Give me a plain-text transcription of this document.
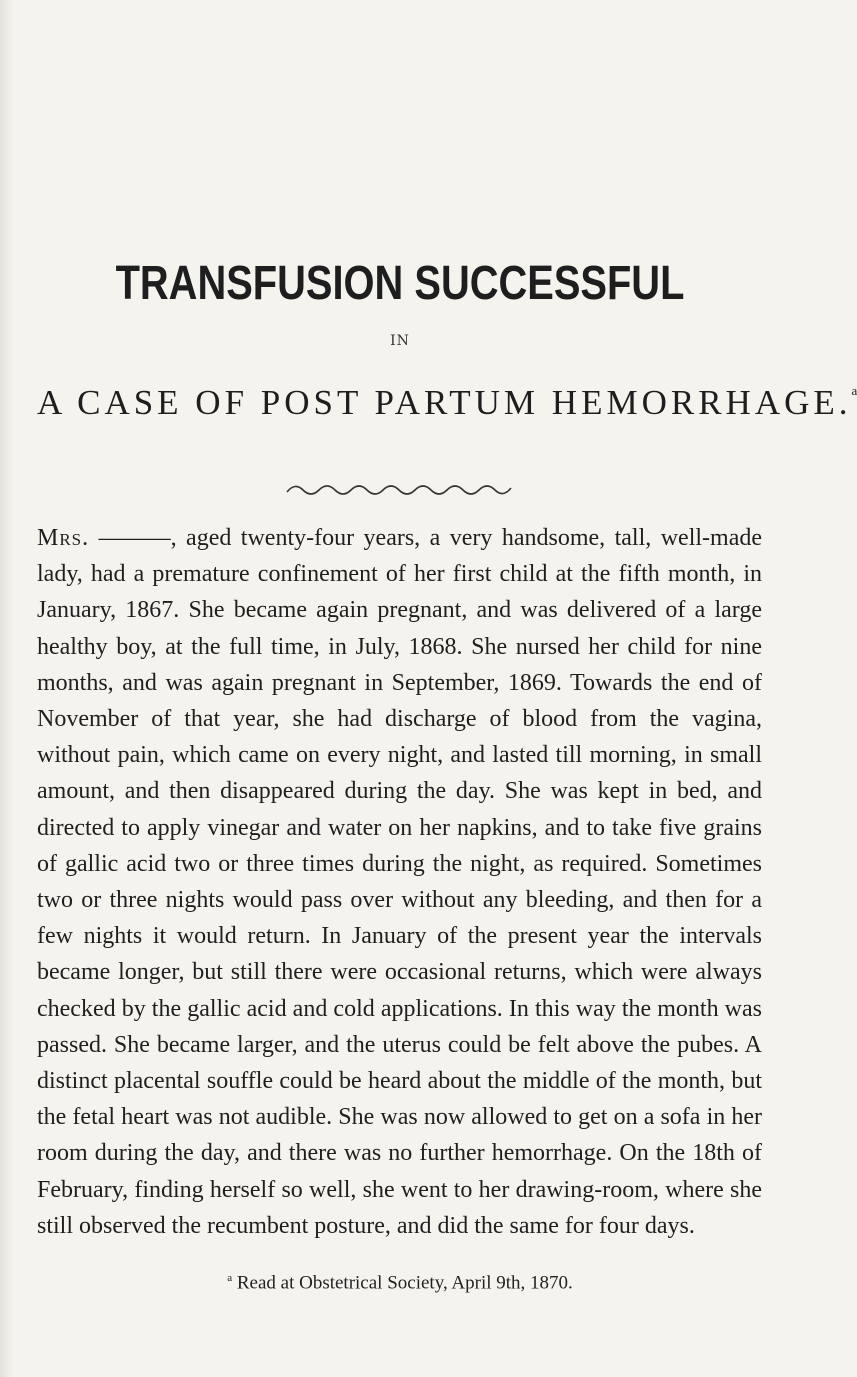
TRANSFUSION SUCCESSFUL
IN
A CASE OF POST PARTUM HEMORRHAGE.$^a$
Mrs. ———, aged twenty-four years, a very handsome, tall, well-made lady, had a premature confinement of her first child at the fifth month, in January, 1867. She became again pregnant, and was delivered of a large healthy boy, at the full time, in July, 1868. She nursed her child for nine months, and was again pregnant in September, 1869. Towards the end of November of that year, she had discharge of blood from the vagina, without pain, which came on every night, and lasted till morning, in small amount, and then disappeared during the day. She was kept in bed, and directed to apply vinegar and water on her napkins, and to take five grains of gallic acid two or three times during the night, as required. Sometimes two or three nights would pass over without any bleeding, and then for a few nights it would return. In January of the present year the intervals became longer, but still there were occasional returns, which were always checked by the gallic acid and cold applications. In this way the month was passed. She became larger, and the uterus could be felt above the pubes. A distinct placental souffle could be heard about the middle of the month, but the fetal heart was not audible. She was now allowed to get on a sofa in her room during the day, and there was no further hemorrhage. On the 18th of February, finding herself so well, she went to her drawing-room, where she still observed the recumbent posture, and did the same for four days.
$^a$ Read at Obstetrical Society, April 9th, 1870.
